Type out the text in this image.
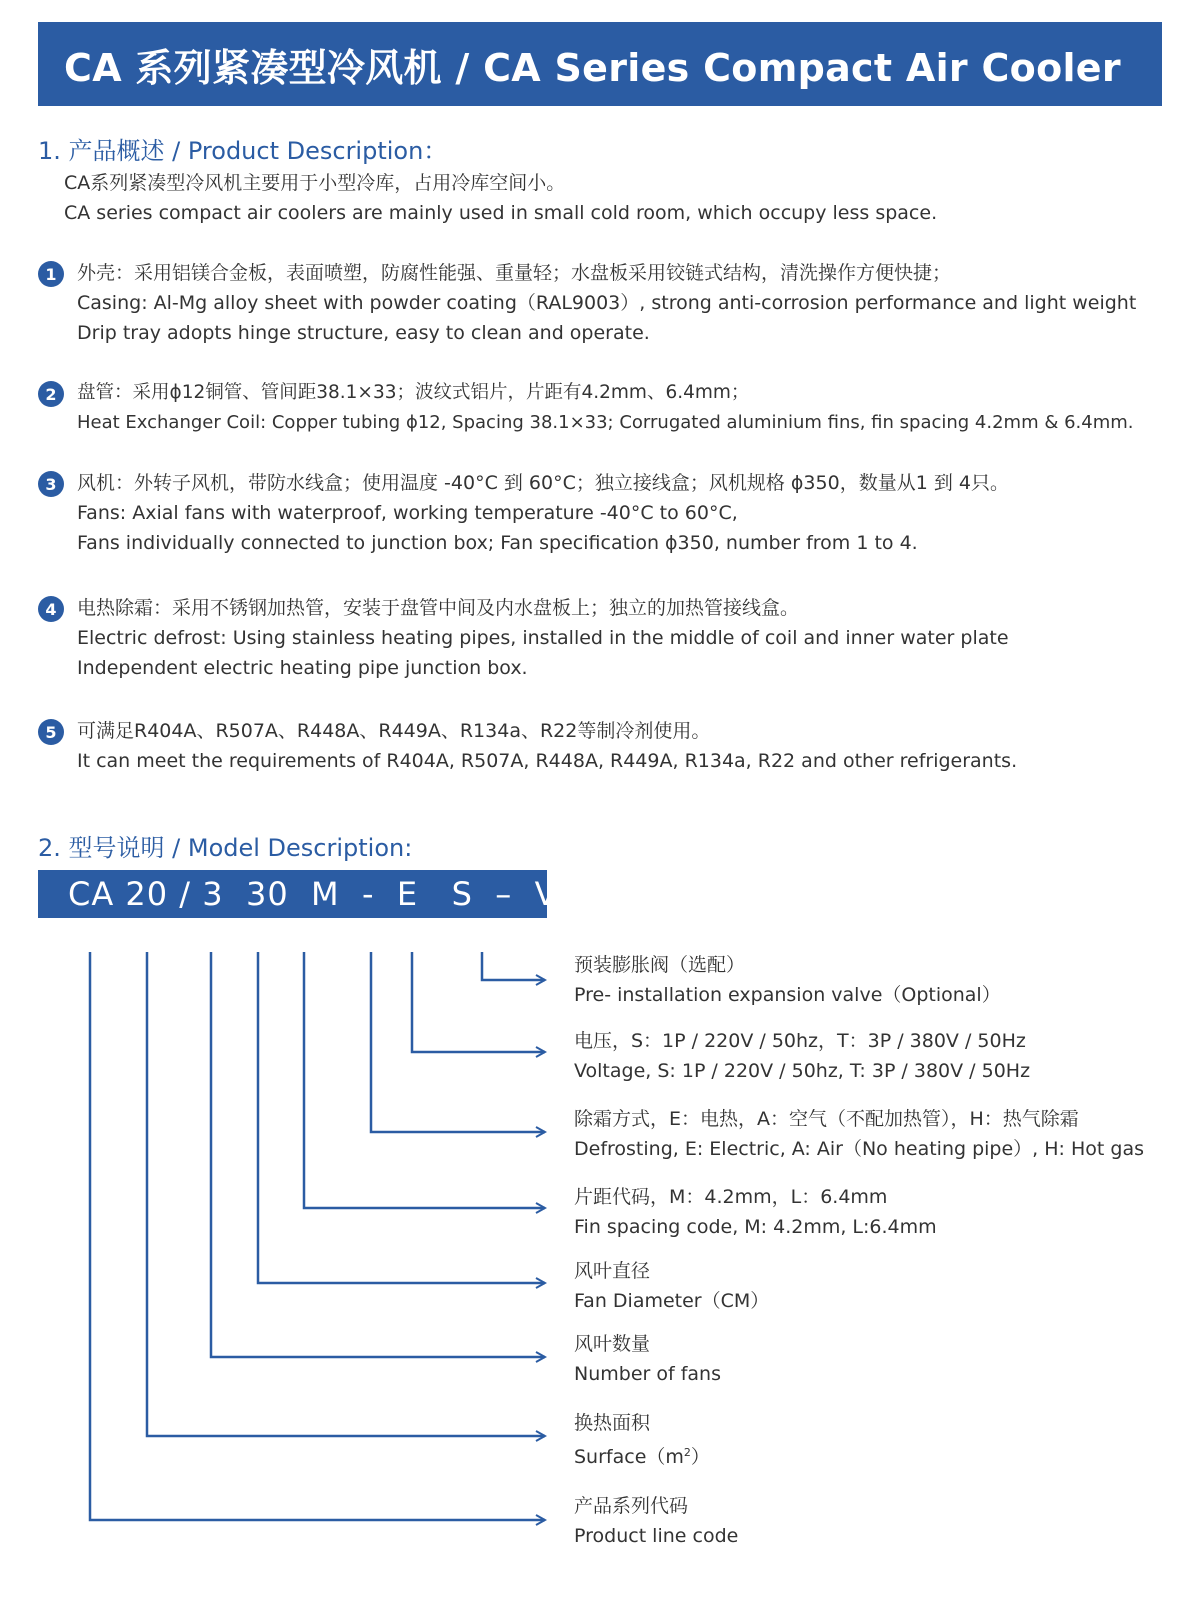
CA 系列紧凑型冷风机 / CA Series Compact Air Cooler
1. 产品概述 / Product Description：
CA系列紧凑型冷风机主要用于小型冷库，占用冷库空间小。
CA series compact air coolers are mainly used in small cold room, which occupy less space.
1	外壳：采用铝镁合金板，表面喷塑，防腐性能强、重量轻；水盘板采用铰链式结构，清洗操作方便快捷；
Casing: Al-Mg alloy sheet with powder coating（RAL9003）, strong anti-corrosion performance and light weight
Drip tray adopts hinge structure, easy to clean and operate.
2	盘管：采用ϕ12铜管、管间距38.1×33；波纹式铝片，片距有4.2mm、6.4mm；
Heat Exchanger Coil: Copper tubing ϕ12, Spacing 38.1×33; Corrugated aluminium fins, fin spacing 4.2mm & 6.4mm.
3	风机：外转子风机，带防水线盒；使用温度 -40°C 到 60°C；独立接线盒；风机规格 ϕ350，数量从1 到 4只。
Fans: Axial fans with waterproof, working temperature -40°C to 60°C,
Fans individually connected to junction box; Fan specification ϕ350, number from 1 to 4.
4	电热除霜：采用不锈钢加热管，安装于盘管中间及内水盘板上；独立的加热管接线盒。
Electric defrost: Using stainless heating pipes, installed in the middle of coil and inner water plate
Independent electric heating pipe junction box.
5	可满足R404A、R507A、R448A、R449A、R134a、R22等制冷剂使用。
It can meet the requirements of R404A, R507A, R448A, R449A, R134a, R22 and other refrigerants.
2. 型号说明 / Model Description:
CA 20 / 3  30  M  -  E   S  –  V
预装膨胀阀（选配）
Pre- installation expansion valve（Optional）
电压，S：1P / 220V / 50hz，T：3P / 380V / 50Hz
Voltage, S: 1P / 220V / 50hz, T: 3P / 380V / 50Hz
除霜方式，E：电热，A：空气（不配加热管），H：热气除霜
Defrosting, E: Electric, A: Air（No heating pipe）, H: Hot gas
片距代码，M：4.2mm，L：6.4mm
Fin spacing code, M: 4.2mm, L:6.4mm
风叶直径
Fan Diameter（CM）
风叶数量
Number of fans
换热面积
$Surface(m^2)$
产品系列代码
Product line code
